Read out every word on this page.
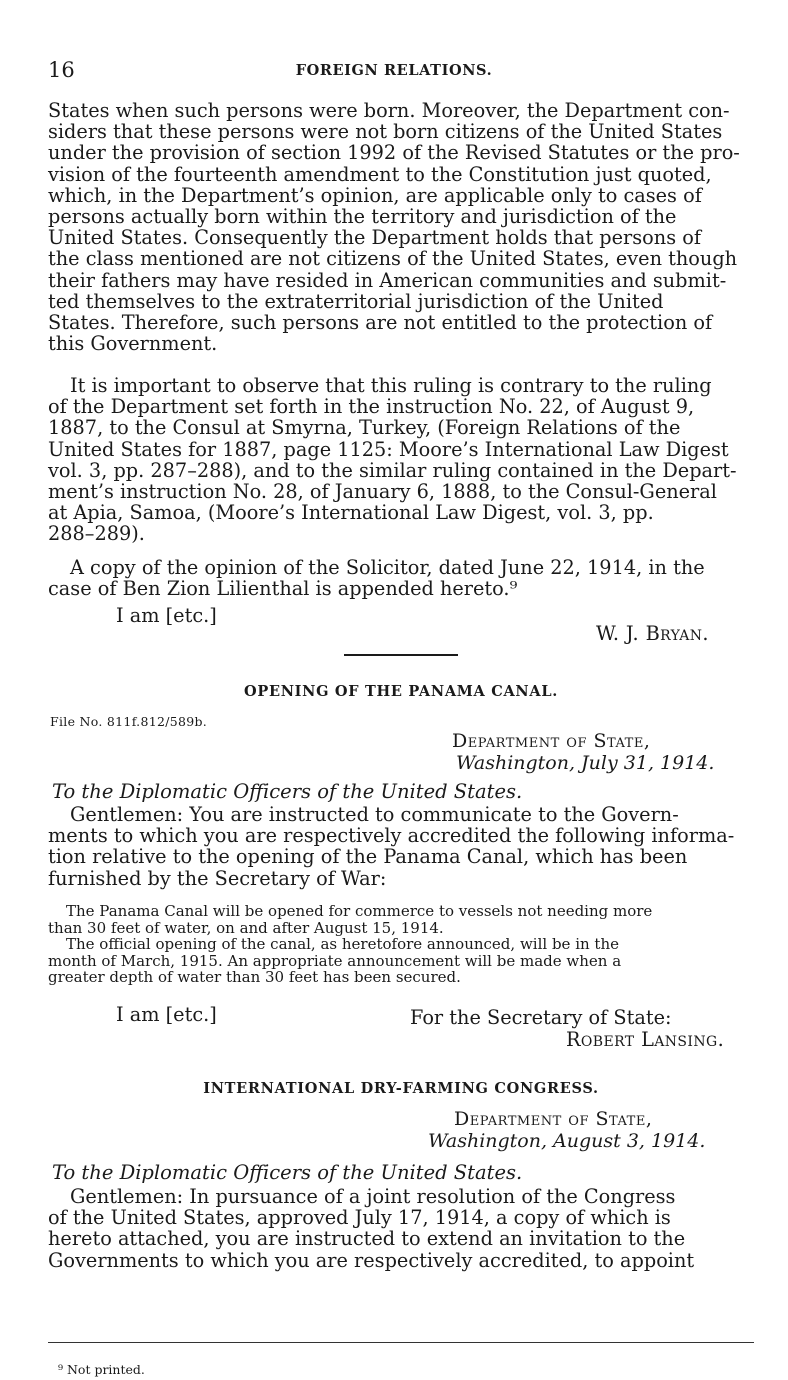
16	FOREIGN RELATIONS.
States when such persons were born. Moreover, the Department con-
siders that these persons were not born citizens of the United States
under the provision of section 1992 of the Revised Statutes or the pro-
vision of the fourteenth amendment to the Constitution just quoted,
which, in the Department’s opinion, are applicable only to cases of
persons actually born within the territory and jurisdiction of the
United States. Consequently the Department holds that persons of
the class mentioned are not citizens of the United States, even though
their fathers may have resided in American communities and submit-
ted themselves to the extraterritorial jurisdiction of the United
States. Therefore, such persons are not entitled to the protection of
this Government.
It is important to observe that this ruling is contrary to the ruling
of the Department set forth in the instruction No. 22, of August 9,
1887, to the Consul at Smyrna, Turkey, (Foreign Relations of the
United States for 1887, page 1125: Moore’s International Law Digest
vol. 3, pp. 287–288), and to the similar ruling contained in the Depart-
ment’s instruction No. 28, of January 6, 1888, to the Consul-General
at Apia, Samoa, (Moore’s International Law Digest, vol. 3, pp.
288–289).
A copy of the opinion of the Solicitor, dated June 22, 1914, in the
case of Ben Zion Lilienthal is appended hereto.⁹
I am [etc.]
W. J. Bryan.
OPENING OF THE PANAMA CANAL.
File No. 811f.812/589b.
Department of State,
Washington, July 31, 1914.
To the Diplomatic Officers of the United States.
Gentlemen: You are instructed to communicate to the Govern-
ments to which you are respectively accredited the following informa-
tion relative to the opening of the Panama Canal, which has been
furnished by the Secretary of War:
The Panama Canal will be opened for commerce to vessels not needing more
than 30 feet of water, on and after August 15, 1914.
The official opening of the canal, as heretofore announced, will be in the
month of March, 1915. An appropriate announcement will be made when a
greater depth of water than 30 feet has been secured.
I am [etc.]	For the Secretary of State:
Robert Lansing.
INTERNATIONAL DRY-FARMING CONGRESS.
Department of State,
Washington, August 3, 1914.
To the Diplomatic Officers of the United States.
Gentlemen: In pursuance of a joint resolution of the Congress
of the United States, approved July 17, 1914, a copy of which is
hereto attached, you are instructed to extend an invitation to the
Governments to which you are respectively accredited, to appoint
⁹ Not printed.
